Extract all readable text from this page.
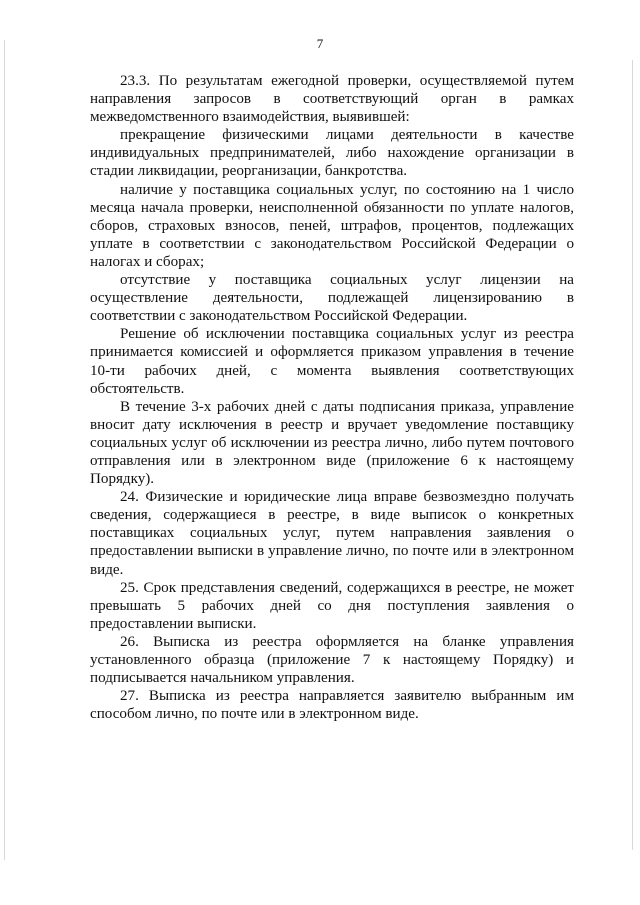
7

23.3. По результатам ежегодной проверки, осуществляемой путем направления запросов в соответствующий орган в рамках межведомственного взаимодействия, выявившей:

прекращение физическими лицами деятельности в качестве индивидуальных предпринимателей, либо нахождение организации в стадии ликвидации, реорганизации, банкротства.

наличие у поставщика социальных услуг, по состоянию на 1 число месяца начала проверки, неисполненной обязанности по уплате налогов, сборов, страховых взносов, пеней, штрафов, процентов, подлежащих уплате в соответствии с законодательством Российской Федерации о налогах и сборах;

отсутствие у поставщика социальных услуг лицензии на осуществление деятельности, подлежащей лицензированию в соответствии с законодательством Российской Федерации.

Решение об исключении поставщика социальных услуг из реестра принимается комиссией и оформляется приказом управления в течение 10-ти рабочих дней, с момента выявления соответствующих обстоятельств.

В течение 3-х рабочих дней с даты подписания приказа, управление вносит дату исключения в реестр и вручает уведомление поставщику социальных услуг об исключении из реестра лично, либо путем почтового отправления или в электронном виде (приложение 6 к настоящему Порядку).

24. Физические и юридические лица вправе безвозмездно получать сведения, содержащиеся в реестре, в виде выписок о конкретных поставщиках социальных услуг, путем направления заявления о предоставлении выписки в управление лично, по почте или в электронном виде.

25. Срок представления сведений, содержащихся в реестре, не может превышать 5 рабочих дней со дня поступления заявления о предоставлении выписки.

26. Выписка из реестра оформляется на бланке управления установленного образца (приложение 7 к настоящему Порядку) и подписывается начальником управления.

27. Выписка из реестра направляется заявителю выбранным им способом лично, по почте или в электронном виде.
